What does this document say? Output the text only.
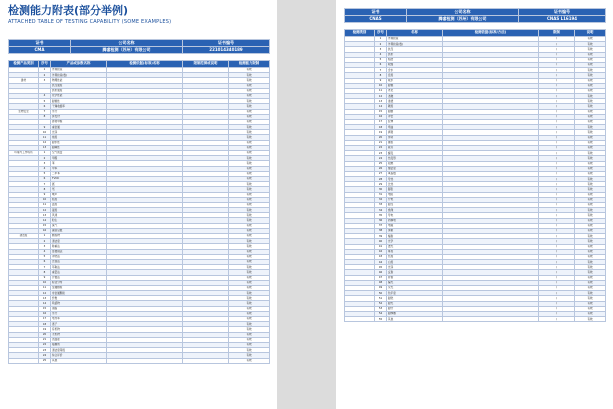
检测能力附表(部分举例)
ATTACHED TABLE OF TESTING CAPABILITY (SOME EXAMPLES)
证书	公司名称	证书编号
CMA	腾睿检测（苏州）有限公司	221014340189
检测产品类别	序号	产品或参数名称	检测依据(标准)名称	限制范围或说明	检测能力限制
	1	外观检查			有效
	2	外观检查(数)			有效
建材	3	物理性能			有效
		抗压强度			有效
		抗折强度			有效
	4	化学性能			有效
	5	耐候性			有效
	6	干燥收缩率			有效
生物安全	7	水分			有效
	8	挥发份			有效
		游离甲醛			有效
	9	重金属			有效
	10	光泽			有效
	11	细度			有效
	12	耐水性			有效
	13	耐碱性			有效
环境与工作场所	1	空气质量			有效
	2	甲醛			有效
	3	苯			有效
	4	甲苯			有效
	5	二甲苯			有效
	6	TVOC			有效
	7	氨			有效
	8	氡			有效
	9	噪声			有效
	10	照度			有效
	11	温度			有效
	12	湿度			有效
	13	风速			有效
	14	粉尘			有效
	15	臭气			有效
	16	菌落总数			有效
清洁度	1	颗粒物			有效
	2	清洁度			有效
	3	称重法			有效
	4	显微镜法			有效
	5	冲洗法			有效
	6	过滤法			有效
	7	萃取法			有效
	8	重量法			有效
	9	计数法			有效
	10	粒径分布			有效
	11	金属颗粒			有效
	12	非金属颗粒			有效
	13	纤维			有效
	14	残留物			有效
	15	油脂			有效
	16	水分			有效
	17	电导率			有效
	18	离子			有效
	19	有机物			有效
	20	无机物			有效
	21	表面能			有效
	22	接触角			有效
	23	清洁度等级			有效
	24	综合评价			有效
	25	其他			有效
证书	公司名称	证书编号
CNAS	腾睿检测（苏州）有限公司	CNAS L16194
检测类别	序号	名称	检测依据(标准/方法)	限制	说明
	1	外观检查		/	有效
	2	外观检查(数)		/	有效
	3	抗压		/	有效
	4	抗折		/	有效
	5	粘结		/	有效
	6	收缩		/	有效
	7	含水		/	有效
	8	密度		/	有效
	9	吸水		/	有效
	10	耐候		/	有效
	11	老化		/	有效
	12	冻融		/	有效
	13	渗透		/	有效
	14	硬度		/	有效
	15	耐磨		/	有效
	16	冲击		/	有效
	17	拉伸		/	有效
	18	弯曲		/	有效
	19	剥离		/	有效
	20	剪切		/	有效
	21	撕裂		/	有效
	22	疲劳		/	有效
	23	蠕变		/	有效
	24	热变形		/	有效
	25	阻燃		/	有效
	26	烟密度		/	有效
	27	氧指数		/	有效
	28	导热		/	有效
	29	比热		/	有效
	30	膨胀		/	有效
	31	电阻		/	有效
	32	介电		/	有效
	33	耐压		/	有效
	34	绝缘		/	有效
	35	导电		/	有效
	36	防静电		/	有效
	37	电磁		/	有效
	38	屏蔽		/	有效
	39	辐射		/	有效
	40	光学		/	有效
	41	透光		/	有效
	42	雾度		/	有效
	43	色差		/	有效
	44	白度		/	有效
	45	光泽		/	有效
	46	反射		/	有效
	47	折射		/	有效
	48	偏光		/	有效
	49	荧光		/	有效
	50	色牢度		/	有效
	51	耐洗		/	有效
	52	耐光		/	有效
	53	耐汗		/	有效
	54	耐摩擦		/	有效
	55	其他		/	有效
